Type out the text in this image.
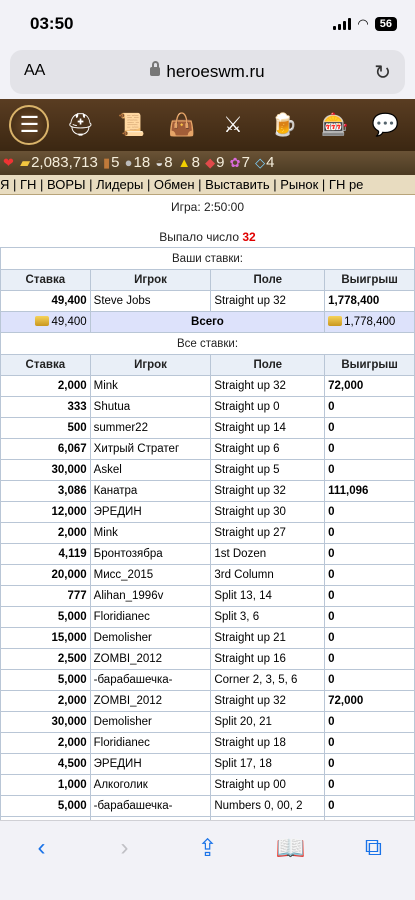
03:50	◠	56
AA	heroeswm.ru	↻
☰	⛑ 📜 👜	⚔	🍺 🎰 💬
❤ ▰2,083,713 ▮5 ●18 ◒8 ▲8 ◆9 ✿7 ◇4
Я | ГН | ВОРЫ | Лидеры | Обмен | Выставить | Рынок | ГН ре
Игра: 2:50:00
Выпало число 32
Ваши ставки:			
Ставка	Игрок	Поле	Выигрыш
49,400	Steve Jobs	Straight up 32	1,778,400
49,400	Всего		1,778,400
Все ставки:			
Ставка	Игрок	Поле	Выигрыш
2,000	Mink	Straight up 32	72,000
333	Shutua	Straight up 0	0
500	summer22	Straight up 14	0
6,067	Хитрый Стратег	Straight up 6	0
30,000	Askel	Straight up 5	0
3,086	Канатра	Straight up 32	111,096
12,000	ЭРЕДИН	Straight up 30	0
2,000	Mink	Straight up 27	0
4,119	Бронтозябра	1st Dozen	0
20,000	Мисс_2015	3rd Column	0
777	Alihan_1996v	Split 13, 14	0
5,000	Floridianec	Split 3, 6	0
15,000	Demolisher	Straight up 21	0
2,500	ZOMBI_2012	Straight up 16	0
5,000	-барабашечка-	Corner 2, 3, 5, 6	0
2,000	ZOMBI_2012	Straight up 32	72,000
30,000	Demolisher	Split 20, 21	0
2,000	Floridianec	Straight up 18	0
4,500	ЭРЕДИН	Split 17, 18	0
1,000	Алкоголик	Straight up 00	0
5,000	-барабашечка-	Numbers 0, 00, 2	0

‹	›	⇪	📖	⧉
